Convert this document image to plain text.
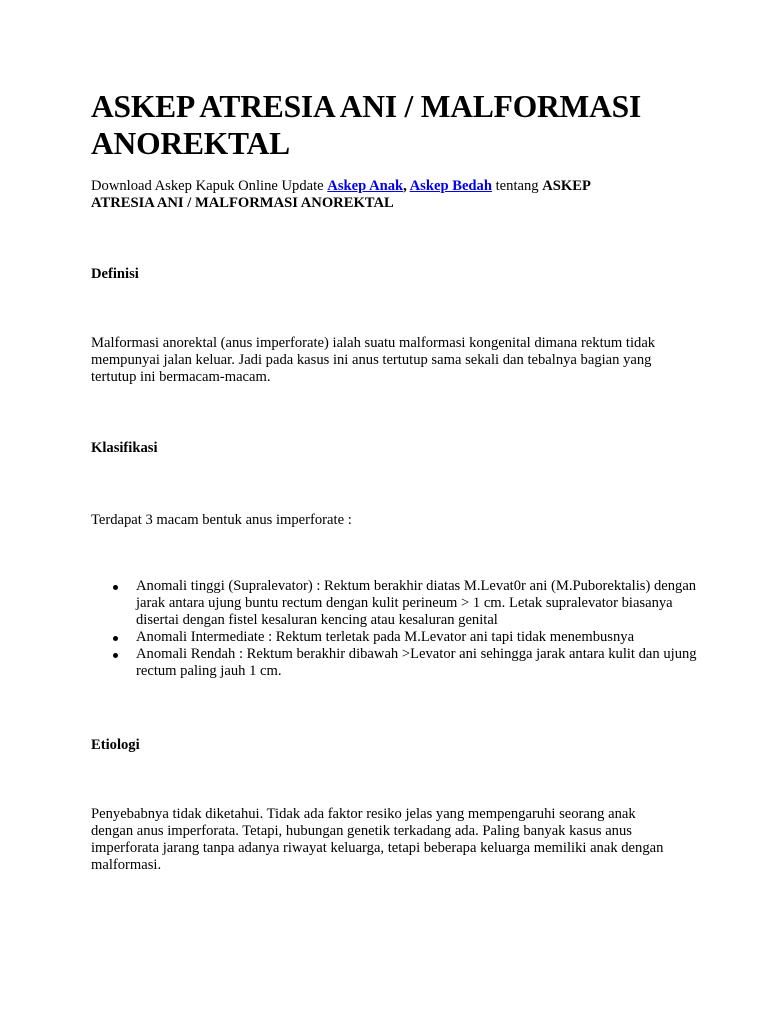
ASKEP ATRESIA ANI / MALFORMASI ANOREKTAL

Download Askep Kapuk Online Update Askep Anak, Askep Bedah tentang ASKEP ATRESIA ANI / MALFORMASI ANOREKTAL

Definisi

Malformasi anorektal (anus imperforate) ialah suatu malformasi kongenital dimana rektum tidak mempunyai jalan keluar. Jadi pada kasus ini anus tertutup sama sekali dan tebalnya bagian yang tertutup ini bermacam-macam.

Klasifikasi

Terdapat 3 macam bentuk anus imperforate :

Anomali tinggi (Supralevator) : Rektum berakhir diatas M.Levat0r ani (M.Puborektalis) dengan jarak antara ujung buntu rectum dengan kulit perineum > 1 cm. Letak supralevator biasanya disertai dengan fistel kesaluran kencing atau kesaluran genital
Anomali Intermediate : Rektum terletak pada M.Levator ani tapi tidak menembusnya
Anomali Rendah : Rektum berakhir dibawah >Levator ani sehingga jarak antara kulit dan ujung rectum paling jauh 1 cm.
Etiologi

Penyebabnya tidak diketahui. Tidak ada faktor resiko jelas yang mempengaruhi seorang anak dengan anus imperforata. Tetapi, hubungan genetik terkadang ada. Paling banyak kasus anus imperforata jarang tanpa adanya riwayat keluarga, tetapi beberapa keluarga memiliki anak dengan malformasi.
